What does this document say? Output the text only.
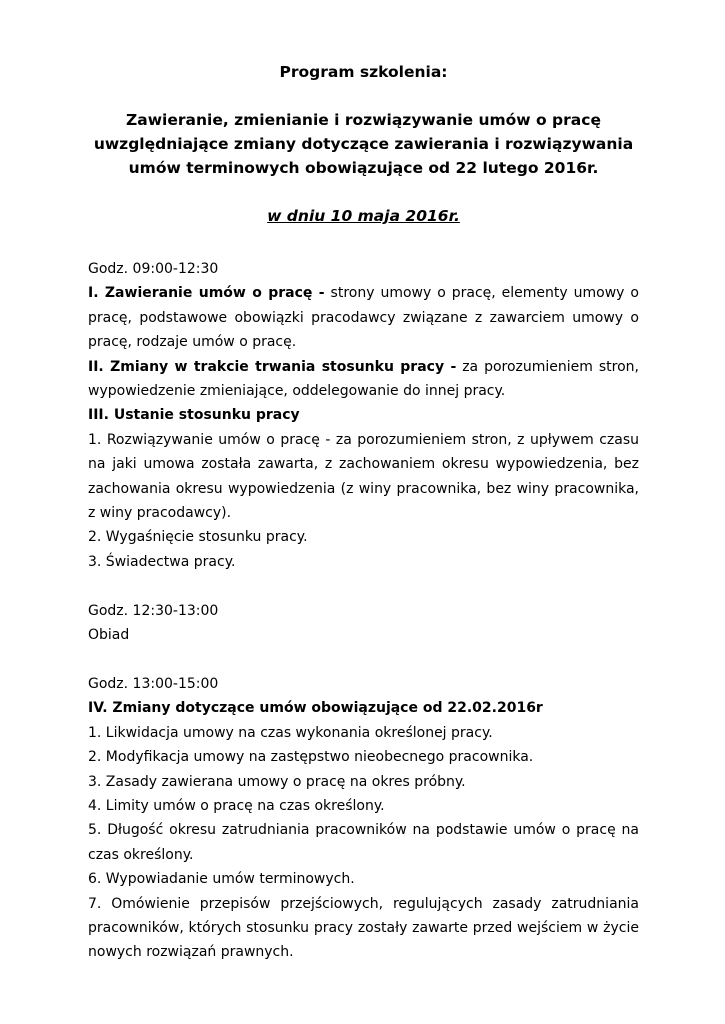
Program szkolenia:

Zawieranie, zmienianie i rozwiązywanie umów o pracę

uwzględniające zmiany dotyczące zawierania i rozwiązywania

umów terminowych obowiązujące od 22 lutego 2016r.

w dniu 10 maja 2016r.

Godz. 09:00-12:30

I. Zawieranie umów o pracę - strony umowy o pracę, elementy umowy o pracę, podstawowe obowiązki pracodawcy związane z zawarciem umowy o pracę, rodzaje umów o pracę.

II. Zmiany w trakcie trwania stosunku pracy - za porozumieniem stron, wypowiedzenie zmieniające, oddelegowanie do innej pracy.

III. Ustanie stosunku pracy

1. Rozwiązywanie umów o pracę - za porozumieniem stron, z upływem czasu na jaki umowa została zawarta, z zachowaniem okresu wypowiedzenia, bez zachowania okresu wypowiedzenia (z winy pracownika, bez winy pracownika, z winy pracodawcy).

2. Wygaśnięcie stosunku pracy.

3. Świadectwa pracy.

Godz. 12:30-13:00

Obiad

Godz. 13:00-15:00

IV. Zmiany dotyczące umów obowiązujące od 22.02.2016r

1. Likwidacja umowy na czas wykonania określonej pracy.

2. Modyfikacja umowy na zastępstwo nieobecnego pracownika.

3. Zasady zawierana umowy o pracę na okres próbny.

4. Limity umów o pracę na czas określony.

5. Długość okresu zatrudniania pracowników na podstawie umów o pracę na czas określony.

6. Wypowiadanie umów terminowych.

7. Omówienie przepisów przejściowych, regulujących zasady zatrudniania pracowników, których stosunku pracy zostały zawarte przed wejściem w życie nowych rozwiązań prawnych.
